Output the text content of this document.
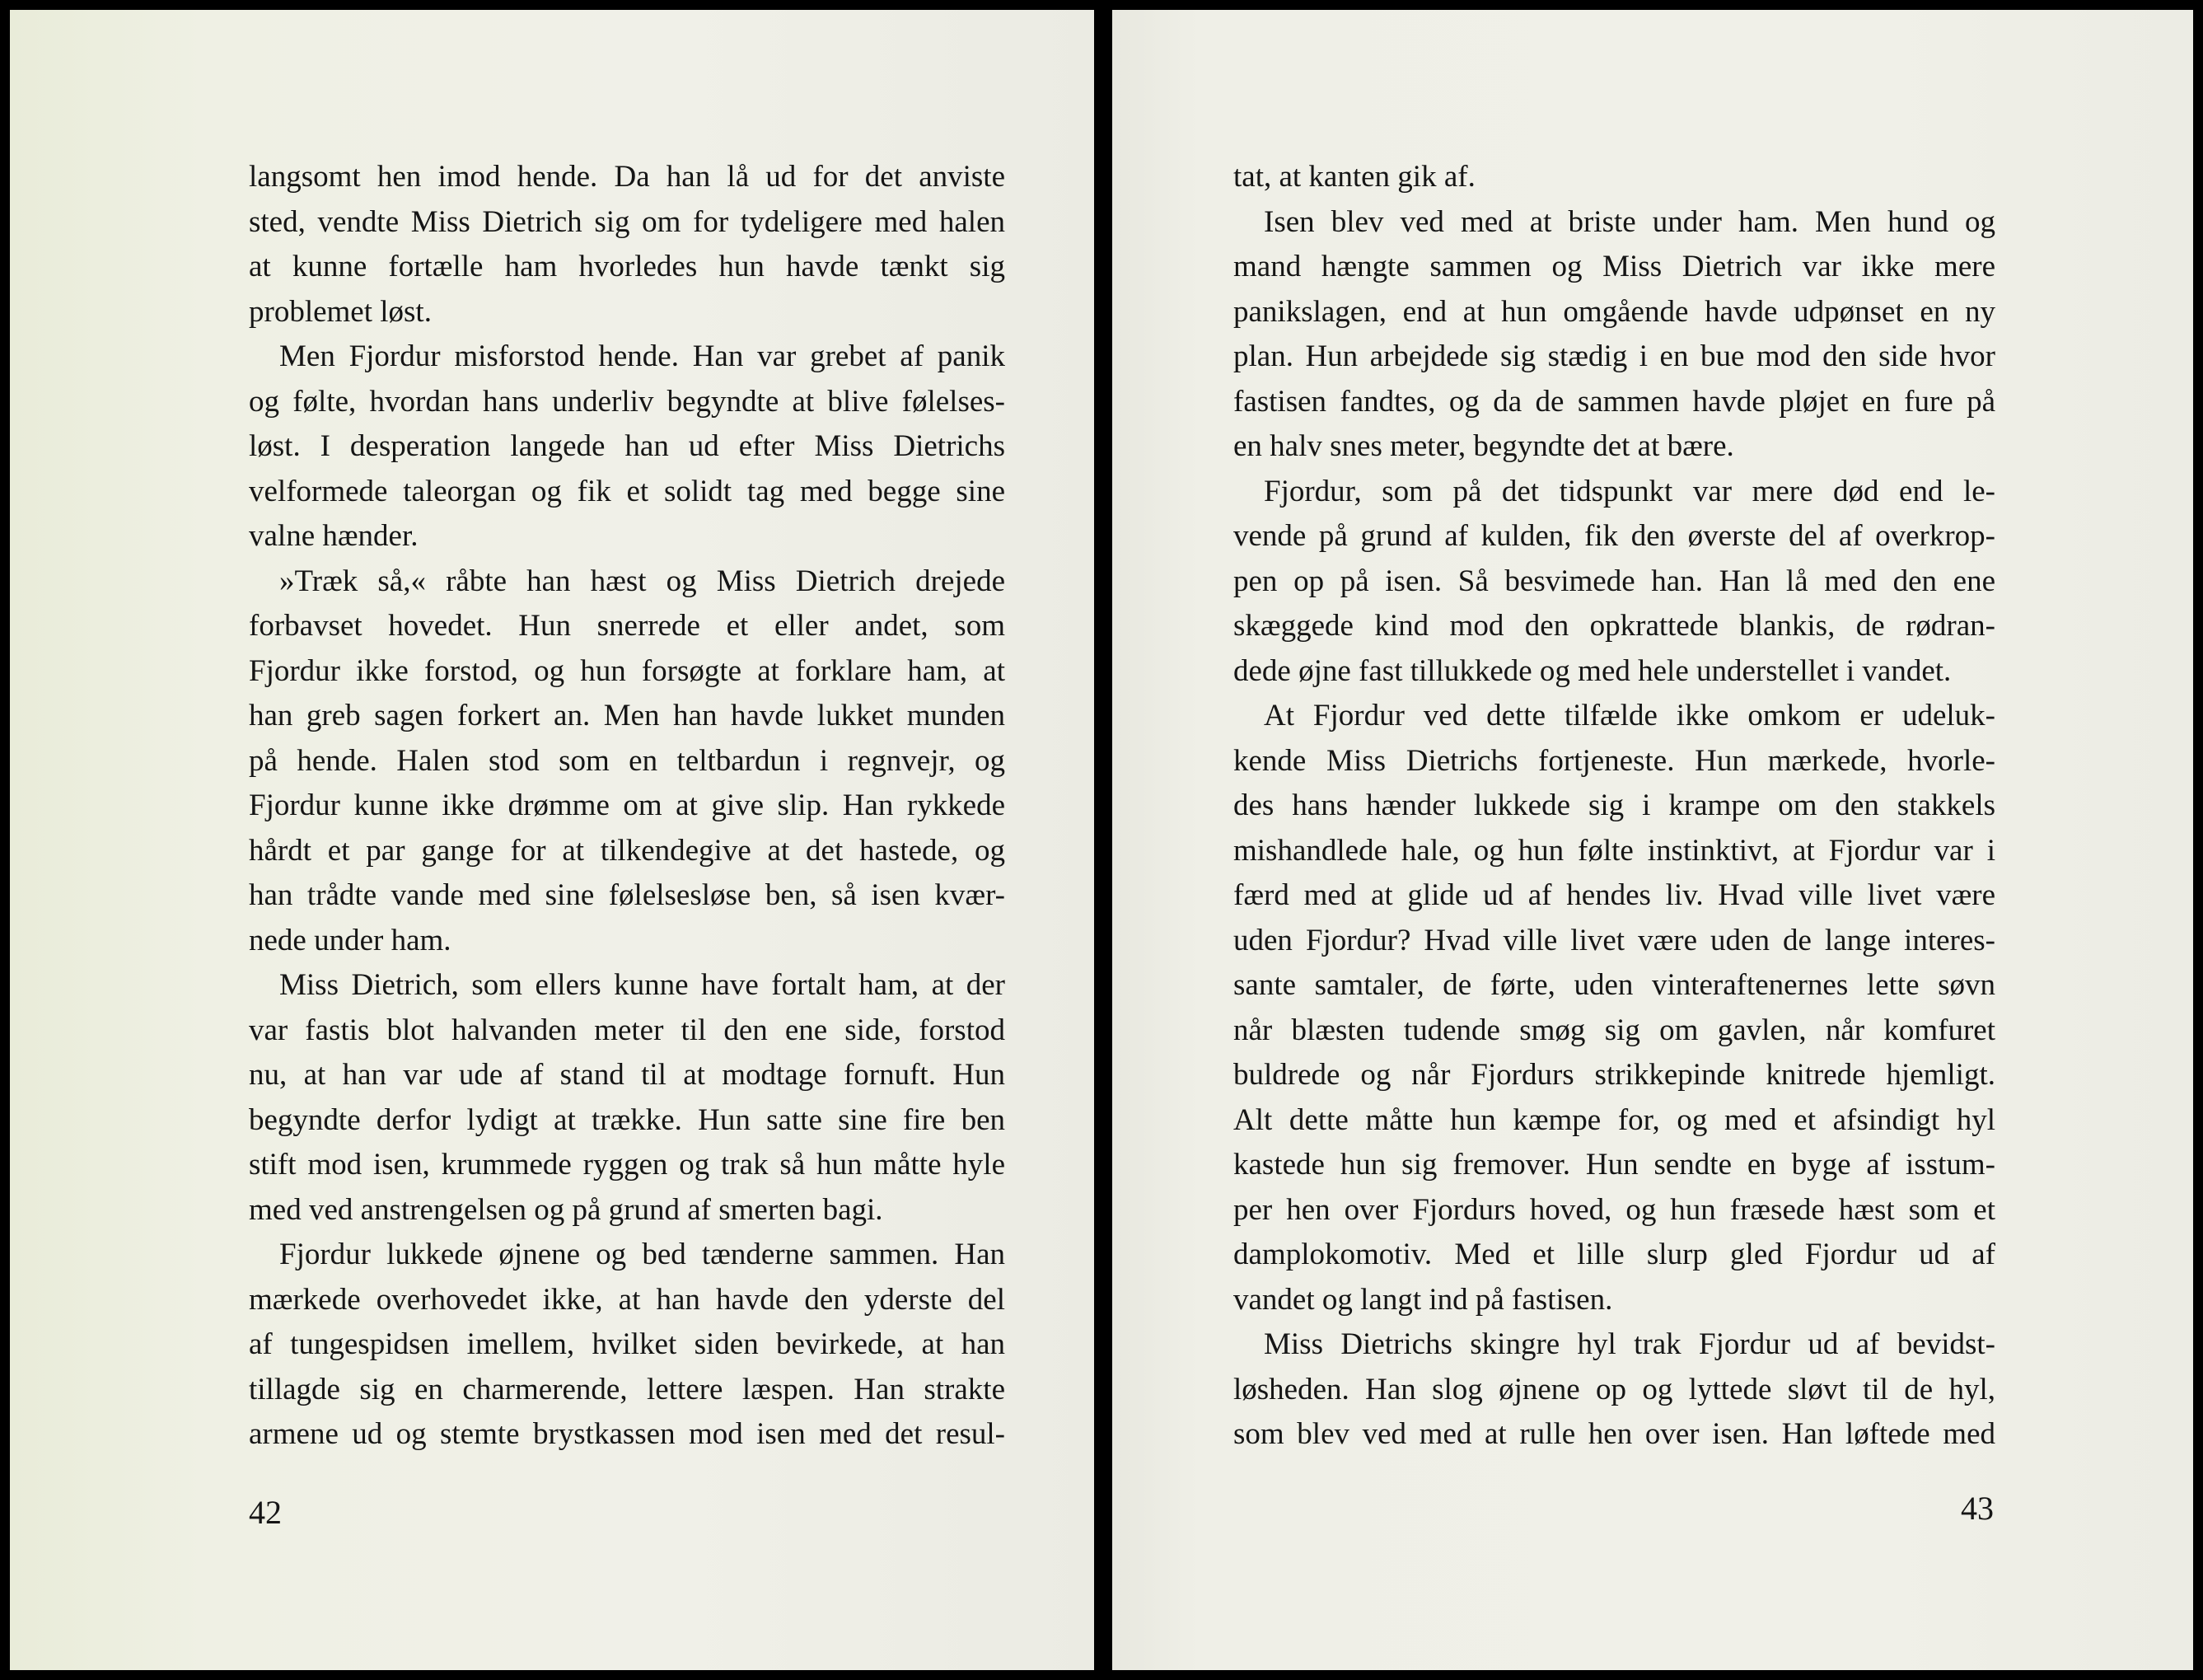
langsomt hen imod hende. Da han lå ud for det anviste
sted, vendte Miss Dietrich sig om for tydeligere med halen
at kunne fortælle ham hvorledes hun havde tænkt sig
problemet løst.
Men Fjordur misforstod hende. Han var grebet af panik
og følte, hvordan hans underliv begyndte at blive følelses-
løst. I desperation langede han ud efter Miss Dietrichs
velformede taleorgan og fik et solidt tag med begge sine
valne hænder.
»Træk så,« råbte han hæst og Miss Dietrich drejede
forbavset hovedet. Hun snerrede et eller andet, som
Fjordur ikke forstod, og hun forsøgte at forklare ham, at
han greb sagen forkert an. Men han havde lukket munden
på hende. Halen stod som en teltbardun i regnvejr, og
Fjordur kunne ikke drømme om at give slip. Han rykkede
hårdt et par gange for at tilkendegive at det hastede, og
han trådte vande med sine følelsesløse ben, så isen kvær-
nede under ham.
Miss Dietrich, som ellers kunne have fortalt ham, at der
var fastis blot halvanden meter til den ene side, forstod
nu, at han var ude af stand til at modtage fornuft. Hun
begyndte derfor lydigt at trække. Hun satte sine fire ben
stift mod isen, krummede ryggen og trak så hun måtte hyle
med ved anstrengelsen og på grund af smerten bagi.
Fjordur lukkede øjnene og bed tænderne sammen. Han
mærkede overhovedet ikke, at han havde den yderste del
af tungespidsen imellem, hvilket siden bevirkede, at han
tillagde sig en charmerende, lettere læspen. Han strakte
armene ud og stemte brystkassen mod isen med det resul-
42
tat, at kanten gik af.
Isen blev ved med at briste under ham. Men hund og
mand hængte sammen og Miss Dietrich var ikke mere
panikslagen, end at hun omgående havde udpønset en ny
plan. Hun arbejdede sig stædig i en bue mod den side hvor
fastisen fandtes, og da de sammen havde pløjet en fure på
en halv snes meter, begyndte det at bære.
Fjordur, som på det tidspunkt var mere død end le-
vende på grund af kulden, fik den øverste del af overkrop-
pen op på isen. Så besvimede han. Han lå med den ene
skæggede kind mod den opkrattede blankis, de rødran-
dede øjne fast tillukkede og med hele understellet i vandet.
At Fjordur ved dette tilfælde ikke omkom er udeluk-
kende Miss Dietrichs fortjeneste. Hun mærkede, hvorle-
des hans hænder lukkede sig i krampe om den stakkels
mishandlede hale, og hun følte instinktivt, at Fjordur var i
færd med at glide ud af hendes liv. Hvad ville livet være
uden Fjordur? Hvad ville livet være uden de lange interes-
sante samtaler, de førte, uden vinteraftenernes lette søvn
når blæsten tudende smøg sig om gavlen, når komfuret
buldrede og når Fjordurs strikkepinde knitrede hjemligt.
Alt dette måtte hun kæmpe for, og med et afsindigt hyl
kastede hun sig fremover. Hun sendte en byge af isstum-
per hen over Fjordurs hoved, og hun fræsede hæst som et
damplokomotiv. Med et lille slurp gled Fjordur ud af
vandet og langt ind på fastisen.
Miss Dietrichs skingre hyl trak Fjordur ud af bevidst-
løsheden. Han slog øjnene op og lyttede sløvt til de hyl,
som blev ved med at rulle hen over isen. Han løftede med
43
